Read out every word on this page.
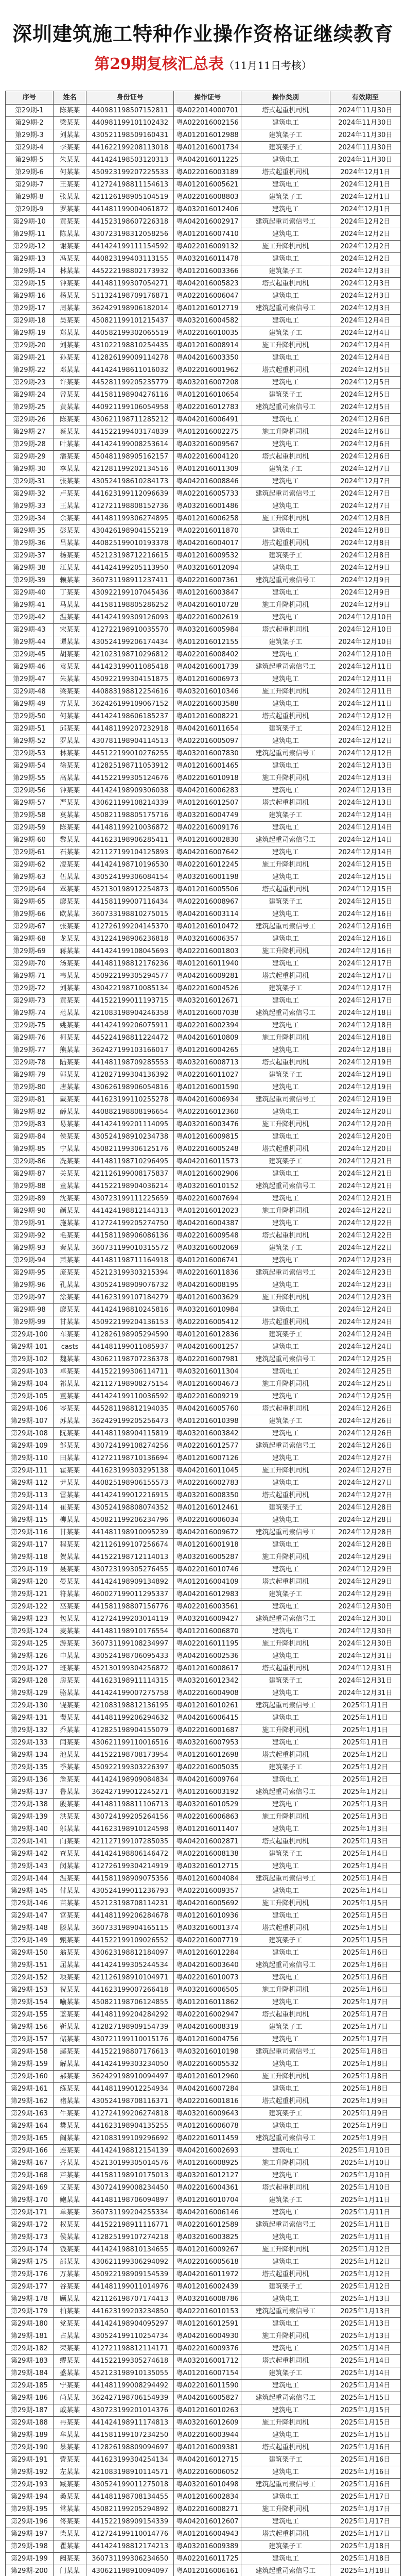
深圳建筑施工特种作业操作资格证继续教育
第29期复核汇总表（11月11日考核）
序号	姓名	身份证号	操作证号	操作类别	有效期至
第29期-1	陈某某	440981198507152811	粤A022014000701	塔式起重机司机	2024年11月30日
第29期-2	梁某某	440981199101102432	粤A022016002156	建筑电工	2024年11月30日
第29期-3	刘某某	430521198509160431	粤A012016012988	建筑架子工	2024年11月30日
第29期-4	李某某	441622199208113018	粤A012016001734	建筑架子工	2024年11月30日
第29期-5	朱某某	441424198503120313	粤A042016011225	建筑电工	2024年11月30日
第29期-6	何某某	450923199207225533	粤A022016003189	塔式起重机司机	2024年12月1日
第29期-7	王某某	412724198811154613	粤A012016005621	建筑电工	2024年12月1日
第29期-8	张某某	421126198905104519	粤A022016008803	建筑架子工	2024年12月1日
第29期-9	罗某某	441481199004061872	粤A032016012406	建筑电工	2024年12月1日
第29期-10	黄某某	441523198607226318	粤A042016002917	建筑起重司索信号工	2024年12月2日
第29期-11	陈某某	430723198312058256	粤A012016007410	建筑电工	2024年12月2日
第29期-12	谢某某	441424199111154592	粤A022016009132	施工升降机司机	2024年12月2日
第29期-13	冯某某	440823199403113155	粤A032016011478	建筑电工	2024年12月2日
第29期-14	林某某	445222198802173932	粤A012016003366	建筑架子工	2024年12月3日
第29期-15	钟某某	441481199307054271	粤A042016005823	塔式起重机司机	2024年12月3日
第29期-16	杨某某	511324198709176871	粤A022016006047	建筑电工	2024年12月3日
第29期-17	周某某	362429198906182014	粤A012016012719	建筑起重司索信号工	2024年12月3日
第29期-18	吴某某	450821199101215437	粤A032016004582	建筑电工	2024年12月4日
第29期-19	郑某某	440582199302065519	粤A022016010035	建筑架子工	2024年12月4日
第29期-20	刘某某	431022198810254435	粤A012016008914	施工升降机司机	2024年12月4日
第29期-21	孙某某	412826199009114278	粤A042016003350	建筑电工	2024年12月4日
第29期-22	邓某某	441424198611016032	粤A022016001962	塔式起重机司机	2024年12月5日
第29期-23	许某某	445281199205235779	粤A032016007208	建筑电工	2024年12月5日
第29期-24	曾某某	441581198904276116	粤A012016010654	建筑架子工	2024年12月5日
第29期-25	黄某某	440921199106054958	粤A022016012783	建筑起重司索信号工	2024年12月5日
第29期-26	陈某某	430621198711285212	粤A042016006491	建筑电工	2024年12月6日
第29期-27	蔡某某	441522199403174839	粤A012016002275	施工升降机司机	2024年12月6日
第29期-28	叶某某	441424199008253614	粤A032016009567	建筑电工	2024年12月6日
第29期-29	潘某某	450481198905162157	粤A022016004120	塔式起重机司机	2024年12月6日
第29期-30	李某某	421281199202134516	粤A012016011309	建筑架子工	2024年12月7日
第29期-31	张某某	430524198610284173	粤A042016008846	建筑电工	2024年12月7日
第29期-32	卢某某	441623199112096639	粤A022016005733	建筑起重司索信号工	2024年12月7日
第29期-33	王某某	412721198808152736	粤A032016001486	建筑电工	2024年12月7日
第29期-34	余某某	441481199306274895	粤A012016006258	施工升降机司机	2024年12月8日
第29期-35	彭某某	430426198904155219	粤A022016011870	建筑电工	2024年12月8日
第29期-36	吕某某	440825199010193378	粤A042016004017	塔式起重机司机	2024年12月8日
第29期-37	杨某某	452123198712216615	粤A012016009532	建筑架子工	2024年12月8日
第29期-38	江某某	441424199205113950	粤A032016012094	建筑电工	2024年12月9日
第29期-39	赖某某	360731198911237411	粤A022016007361	建筑起重司索信号工	2024年12月9日
第29期-40	丁某某	430922199107045436	粤A012016003847	建筑电工	2024年12月9日
第29期-41	马某某	441581198805286252	粤A042016010728	施工升降机司机	2024年12月9日
第29期-42	温某某	441424199309126093	粤A022016002619	建筑电工	2024年12月10日
第29期-43	宋某某	412722198910035570	粤A032016005984	塔式起重机司机	2024年12月10日
第29期-44	谭某某	430524199206174434	粤A012016012155	建筑架子工	2024年12月10日
第29期-45	胡某某	421023198710296812	粤A022016008402	建筑电工	2024年12月10日
第29期-46	袁某某	441423199011085418	粤A042016001739	建筑起重司索信号工	2024年12月11日
第29期-47	朱某某	450922199304151875	粤A012016006973	建筑电工	2024年12月11日
第29期-48	梁某某	440883198812254616	粤A032016010346	施工升降机司机	2024年12月11日
第29期-49	方某某	362426199109067152	粤A022016003588	建筑电工	2024年12月11日
第29期-50	何某某	441424198606185237	粤A012016008221	塔式起重机司机	2024年12月12日
第29期-51	邱某某	441481199207232918	粤A042016011654	建筑架子工	2024年12月12日
第29期-52	罗某某	430781198904114513	粤A022016005097	建筑电工	2024年12月12日
第29期-53	林某某	445122199010276255	粤A032016007830	建筑起重司索信号工	2024年12月12日
第29期-54	徐某某	412825198711053912	粤A012016001465	建筑电工	2024年12月13日
第29期-55	高某某	441522199305124676	粤A022016010918	施工升降机司机	2024年12月13日
第29期-56	钟某某	441424198909306038	粤A042016006283	建筑电工	2024年12月13日
第29期-57	严某某	430621199108214339	粤A012016012507	塔式起重机司机	2024年12月13日
第29期-58	莫某某	450821198805175716	粤A032016004749	建筑架子工	2024年12月14日
第29期-59	陈某某	441481199210036872	粤A022016009176	建筑电工	2024年12月14日
第29期-60	黎某某	441623198906285411	粤A012016002830	建筑起重司索信号工	2024年12月14日
第29期-61	石某某	421127199104125893	粤A042016007642	建筑电工	2024年12月14日
第29期-62	凌某某	441424198710196530	粤A022016012245	施工升降机司机	2024年12月15日
第29期-63	伍某某	430524199306084154	粤A032016001198	建筑电工	2024年12月15日
第29期-64	覃某某	452130198912254873	粤A012016005506	塔式起重机司机	2024年12月15日
第29期-65	廖某某	441581199007116434	粤A022016008967	建筑架子工	2024年12月15日
第29期-66	欧某某	360733198810275015	粤A042016003114	建筑电工	2024年12月16日
第29期-67	张某某	412726199204145370	粤A012016010472	建筑起重司索信号工	2024年12月16日
第29期-68	龙某某	431224198906236818	粤A032016006357	建筑电工	2024年12月16日
第29期-69	蒋某某	441424199108045693	粤A022016001803	施工升降机司机	2024年12月16日
第29期-70	汤某某	441481198812176236	粤A012016011940	建筑电工	2024年12月17日
第29期-71	韦某某	450922199305294577	粤A042016009281	塔式起重机司机	2024年12月17日
第29期-72	刘某某	430422198710085134	粤A022016004526	建筑架子工	2024年12月17日
第29期-73	黄某某	441522199011193715	粤A032016012671	建筑电工	2024年12月17日
第29期-74	范某某	421083198904246358	粤A012016007038	建筑起重司索信号工	2024年12月18日
第29期-75	姚某某	441424199206075911	粤A022016002394	建筑电工	2024年12月18日
第29期-76	柯某某	445224198811224472	粤A042016010809	施工升降机司机	2024年12月18日
第29期-77	熊某某	362427199103166017	粤A012016004265	建筑电工	2024年12月18日
第29期-78	陆某某	441481198709285553	粤A032016008713	塔式起重机司机	2024年12月19日
第29期-79	郭某某	412827199304136392	粤A022016011027	建筑架子工	2024年12月19日
第29期-80	唐某某	430626198906054816	粤A012016001590	建筑电工	2024年12月19日
第29期-81	戴某某	441623199110255278	粤A042016006934	建筑起重司索信号工	2024年12月19日
第29期-82	薛某某	440882198808196654	粤A022016012360	建筑电工	2024年12月20日
第29期-83	易某某	441424199201114095	粤A032016003476	施工升降机司机	2024年12月20日
第29期-84	侯某某	430524198910234738	粤A012016009815	建筑电工	2024年12月20日
第29期-85	宁某某	450821199306125176	粤A022016005248	塔式起重机司机	2024年12月20日
第29期-86	冼某某	441481198710296495	粤A042016011573	建筑架子工	2024年12月21日
第29期-87	关某某	421126199008175837	粤A012016002906	建筑电工	2024年12月21日
第29期-88	童某某	441522198904036214	粤A032016010152	建筑起重司索信号工	2024年12月21日
第29期-89	沈某某	430723199111225659	粤A022016007694	建筑电工	2024年12月21日
第29期-90	颜某某	441424198812144313	粤A012016012023	施工升降机司机	2024年12月22日
第29期-91	施某某	412724199205274750	粤A042016004387	建筑电工	2024年12月22日
第29期-92	毛某某	441581198906086136	粤A022016009548	塔式起重机司机	2024年12月22日
第29期-93	秦某某	360731199010315572	粤A032016002069	建筑架子工	2024年12月22日
第29期-94	萧某某	441481198711164918	粤A012016006741	建筑电工	2024年12月23日
第29期-95	庞某某	452123199303215394	粤A022016011836	建筑起重司索信号工	2024年12月23日
第29期-96	孔某某	430524198909076732	粤A042016008195	建筑电工	2024年12月23日
第29期-97	涂某某	441623199107184279	粤A012016003629	施工升降机司机	2024年12月23日
第29期-98	廖某某	441424198810245816	粤A032016010984	建筑电工	2024年12月24日
第29期-99	甘某某	450922199204136153	粤A022016005412	塔式起重机司机	2024年12月24日
第29期-100	车某某	412826198905294590	粤A012016012836	建筑架子工	2024年12月24日
第29期-101	casts	441481199011085937	粤A042016001257	建筑电工	2024年12月24日
第29期-102	魏某某	430621198707236378	粤A022016007981	建筑起重司索信号工	2024年12月25日
第29期-103	卓某某	441522199306114711	粤A032016011304	建筑电工	2024年12月25日
第29期-104	祁某某	421127198908275154	粤A012016004673	施工升降机司机	2024年12月25日
第29期-105	董某某	441424199110036592	粤A022016009219	建筑电工	2024年12月25日
第29期-106	岑某某	445281198812194035	粤A042016005760	塔式起重机司机	2024年12月26日
第29期-107	苏某某	362429199205256473	粤A012016010398	建筑架子工	2024年12月26日
第29期-108	阮某某	441481198904115819	粤A032016003842	建筑电工	2024年12月26日
第29期-109	邹某某	430724199108274256	粤A022016012577	建筑起重司索信号工	2024年12月26日
第29期-110	田某某	412721198710136694	粤A012016007126	建筑电工	2024年12月27日
第29期-111	霍某某	441623199303295138	粤A042016011045	施工升降机司机	2024年12月27日
第29期-112	尹某某	440825198906155573	粤A022016002783	建筑电工	2024年12月27日
第29期-113	雷某某	441424199012216915	粤A032016008350	塔式起重机司机	2024年12月27日
第29期-114	崔某某	430524198808074352	粤A012016012461	建筑架子工	2024年12月28日
第29期-115	柳某某	450821199206234796	粤A022016006034	建筑电工	2024年12月28日
第29期-116	甘某某	441481198910095239	粤A042016009672	建筑起重司索信号工	2024年12月28日
第29期-117	程某某	421126199107256674	粤A012016001918	建筑电工	2024年12月28日
第29期-118	贺某某	441522198712114013	粤A032016005287	施工升降机司机	2024年12月29日
第29期-119	聂某某	430723199305276455	粤A022016010746	建筑电工	2024年12月29日
第29期-120	晏某某	441424198909134892	粤A012016004109	塔式起重机司机	2024年12月29日
第29期-121	符某某	460027199011295337	粤A042016012983	建筑架子工	2024年12月29日
第29期-122	巫某某	441581198807156776	粤A022016003561	建筑电工	2024年12月30日
第29期-123	包某某	412724199203014119	粤A032016009427	建筑起重司索信号工	2024年12月30日
第29期-124	麦某某	441481198910176554	粤A012016006870	建筑电工	2024年12月30日
第29期-125	游某某	360731199108234997	粤A022016011195	施工升降机司机	2024年12月30日
第29期-126	申某某	430524198706095433	粤A042016002536	建筑电工	2024年12月31日
第29期-127	班某某	452130199304256872	粤A012016008617	塔式起重机司机	2024年12月31日
第29期-128	房某某	441623198911114315	粤A032016012342	建筑架子工	2024年12月31日
第29期-129	骆某某	441424199007275758	粤A022016004908	建筑电工	2024年12月31日
第29期-130	饶某某	421083198812136195	粤A012016010261	建筑起重司索信号工	2025年1月1日
第29期-131	裴某某	441481199206294632	粤A042016006415	建筑电工	2025年1月1日
第29期-132	乔某某	412825198904155079	粤A022016001687	施工升降机司机	2025年1月1日
第29期-133	闫某某	430621199110016516	粤A032016007953	建筑电工	2025年1月1日
第29期-134	池某某	441522198708173954	粤A012016012698	塔式起重机司机	2025年1月2日
第29期-135	季某某	450922199303226397	粤A022016005035	建筑架子工	2025年1月2日
第29期-136	詹某某	441424198909084834	粤A042016009764	建筑电工	2025年1月2日
第29期-137	鲁某某	362427199012245271	粤A012016003192	建筑起重司索信号工	2025年1月2日
第29期-138	殷某某	441481198811106713	粤A032016010529	建筑电工	2025年1月3日
第29期-139	洪某某	430724199205264156	粤A022016006863	施工升降机司机	2025年1月3日
第29期-140	邬某某	441623198910124598	粤A012016011407	建筑电工	2025年1月3日
第29期-141	向某某	421127199107285035	粤A042016002871	塔式起重机司机	2025年1月3日
第29期-142	查某某	441424198806146472	粤A022016008138	建筑架子工	2025年1月4日
第29期-143	闵某某	412726199304214919	粤A032016012715	建筑电工	2025年1月4日
第29期-144	温某某	441581198909075356	粤A012016004084	建筑起重司索信号工	2025年1月4日
第29期-145	付某某	430524199011236793	粤A022016009357	建筑电工	2025年1月4日
第29期-146	苗某某	452123198708114231	粤A042016005692	施工升降机司机	2025年1月5日
第29期-147	宫某某	441481199206284678	粤A012016010936	建筑电工	2025年1月5日
第29期-148	滕某某	360733198904165115	粤A032016001374	塔式起重机司机	2025年1月5日
第29期-149	甄某某	441522199109026552	粤A022016007719	建筑架子工	2025年1月5日
第29期-150	翁某某	430623198812184097	粤A012016012284	建筑电工	2025年1月6日
第29期-151	屈某某	441424199305244534	粤A042016003640	建筑起重司索信号工	2025年1月6日
第29期-152	项某某	421126198910104971	粤A022016010073	建筑电工	2025年1月6日
第29期-153	祝某某	441623199007266418	粤A032016006505	施工升降机司机	2025年1月6日
第29期-154	喻某某	450821198706124855	粤A012016011862	建筑电工	2025年1月7日
第29期-155	蓝某某	441481199204284292	粤A022016002947	塔式起重机司机	2025年1月7日
第29期-156	靳某某	412827198909154739	粤A042016008319	建筑架子工	2025年1月7日
第29期-157	储某某	430721199110015176	粤A012016004756	建筑电工	2025年1月7日
第29期-158	鄢某某	441522198807176613	粤A032016010198	建筑起重司索信号工	2025年1月8日
第29期-159	解某某	441424199303234050	粤A022016005532	建筑电工	2025年1月8日
第29期-160	郝某某	362429198910094497	粤A012016012960	施工升降机司机	2025年1月8日
第29期-161	练某某	441481199012254934	粤A042016007284	建筑电工	2025年1月8日
第29期-162	褚某某	430524198708116371	粤A022016001816	塔式起重机司机	2025年1月9日
第29期-163	牛某某	412724199206274818	粤A032016009643	建筑架子工	2025年1月9日
第29期-164	樊某某	441623198904135255	粤A012016006078	建筑电工	2025年1月9日
第29期-165	阎某某	421083199109296692	粤A022016011459	建筑起重司索信号工	2025年1月9日
第29期-166	连某某	441424198812154139	粤A042016002693	建筑电工	2025年1月10日
第29期-167	齐某某	452130199305014576	粤A012016008925	施工升降机司机	2025年1月10日
第29期-168	芦某某	441581198910175013	粤A032016012127	建筑电工	2025年1月10日
第29期-169	艾某某	430724199008234450	粤A022016004361	塔式起重机司机	2025年1月10日
第29期-170	鲍某某	441481198706094897	粤A012016010704	建筑架子工	2025年1月11日
第29期-171	单某某	360731199204255334	粤A042016006146	建筑电工	2025年1月11日
第29期-172	权某某	441522198911116771	粤A022016012589	建筑起重司索信号工	2025年1月11日
第29期-173	侯某某	412825199107274218	粤A032016003825	建筑电工	2025年1月11日
第29期-174	钱某某	441424198810134655	粤A012016009267	施工升降机司机	2025年1月12日
第29期-175	邵某某	430621199306294092	粤A022016005618	建筑电工	2025年1月12日
第29期-176	万某某	450922198909154539	粤A042016011972	塔式起重机司机	2025年1月12日
第29期-177	谷某某	441481199011014976	粤A012016002439	建筑架子工	2025年1月12日
第29期-178	顾某某	421126198707174413	粤A032016008786	建筑电工	2025年1月13日
第29期-179	柏某某	441623199203234850	粤A022016010153	建筑起重司索信号工	2025年1月13日
第29期-180	党某某	441424198904095297	粤A012016012591	建筑电工	2025年1月13日
第29期-181	占某某	430524199110254734	粤A042016004930	施工升降机司机	2025年1月13日
第29期-182	荣某某	412721198812114171	粤A022016009376	建筑电工	2025年1月14日
第29期-183	缪某某	441522199305274618	粤A032016001712	塔式起重机司机	2025年1月14日
第29期-184	盛某某	452123198910135055	粤A012016007154	建筑架子工	2025年1月14日
第29期-185	宁某某	441481199008294492	粤A022016011590	建筑电工	2025年1月14日
第29期-186	尚某某	362427198706154939	粤A042016005827	建筑起重司索信号工	2025年1月15日
第29期-187	戚某某	430723199201014376	粤A012016010263	建筑电工	2025年1月15日
第29期-188	冉某某	441424198911174813	粤A032016012609	施工升降机司机	2025年1月15日
第29期-189	牟某某	441581199107234250	粤A022016003944	建筑电工	2025年1月15日
第29期-190	暴某某	412826198809094697	粤A012016009381	塔式起重机司机	2025年1月16日
第29期-191	訾某某	441623199304254134	粤A042016012715	建筑架子工	2025年1月16日
第29期-192	左某某	421083198910114571	粤A022016006052	建筑电工	2025年1月16日
第29期-193	臧某某	430524199011275018	粤A032016010498	建筑起重司索信号工	2025年1月16日
第29期-194	桑某某	441481198708134455	粤A012016002834	建筑电工	2025年1月17日
第29期-195	常某某	450821199205294892	粤A022016008271	施工升降机司机	2025年1月17日
第29期-196	佟某某	441522198909154339	粤A042016012607	建筑电工	2025年1月17日
第29期-197	柴某某	412724199110014776	粤A012016004943	塔式起重机司机	2025年1月17日
第29期-198	瞿某某	441424198812174213	粤A032016009389	建筑架子工	2025年1月18日
第29期-199	阙某某	360731199306234650	粤A022016011725	建筑电工	2025年1月18日
第29期-200	门某某	430621198910094097	粤A012016006161	建筑起重司索信号工	2025年1月18日
